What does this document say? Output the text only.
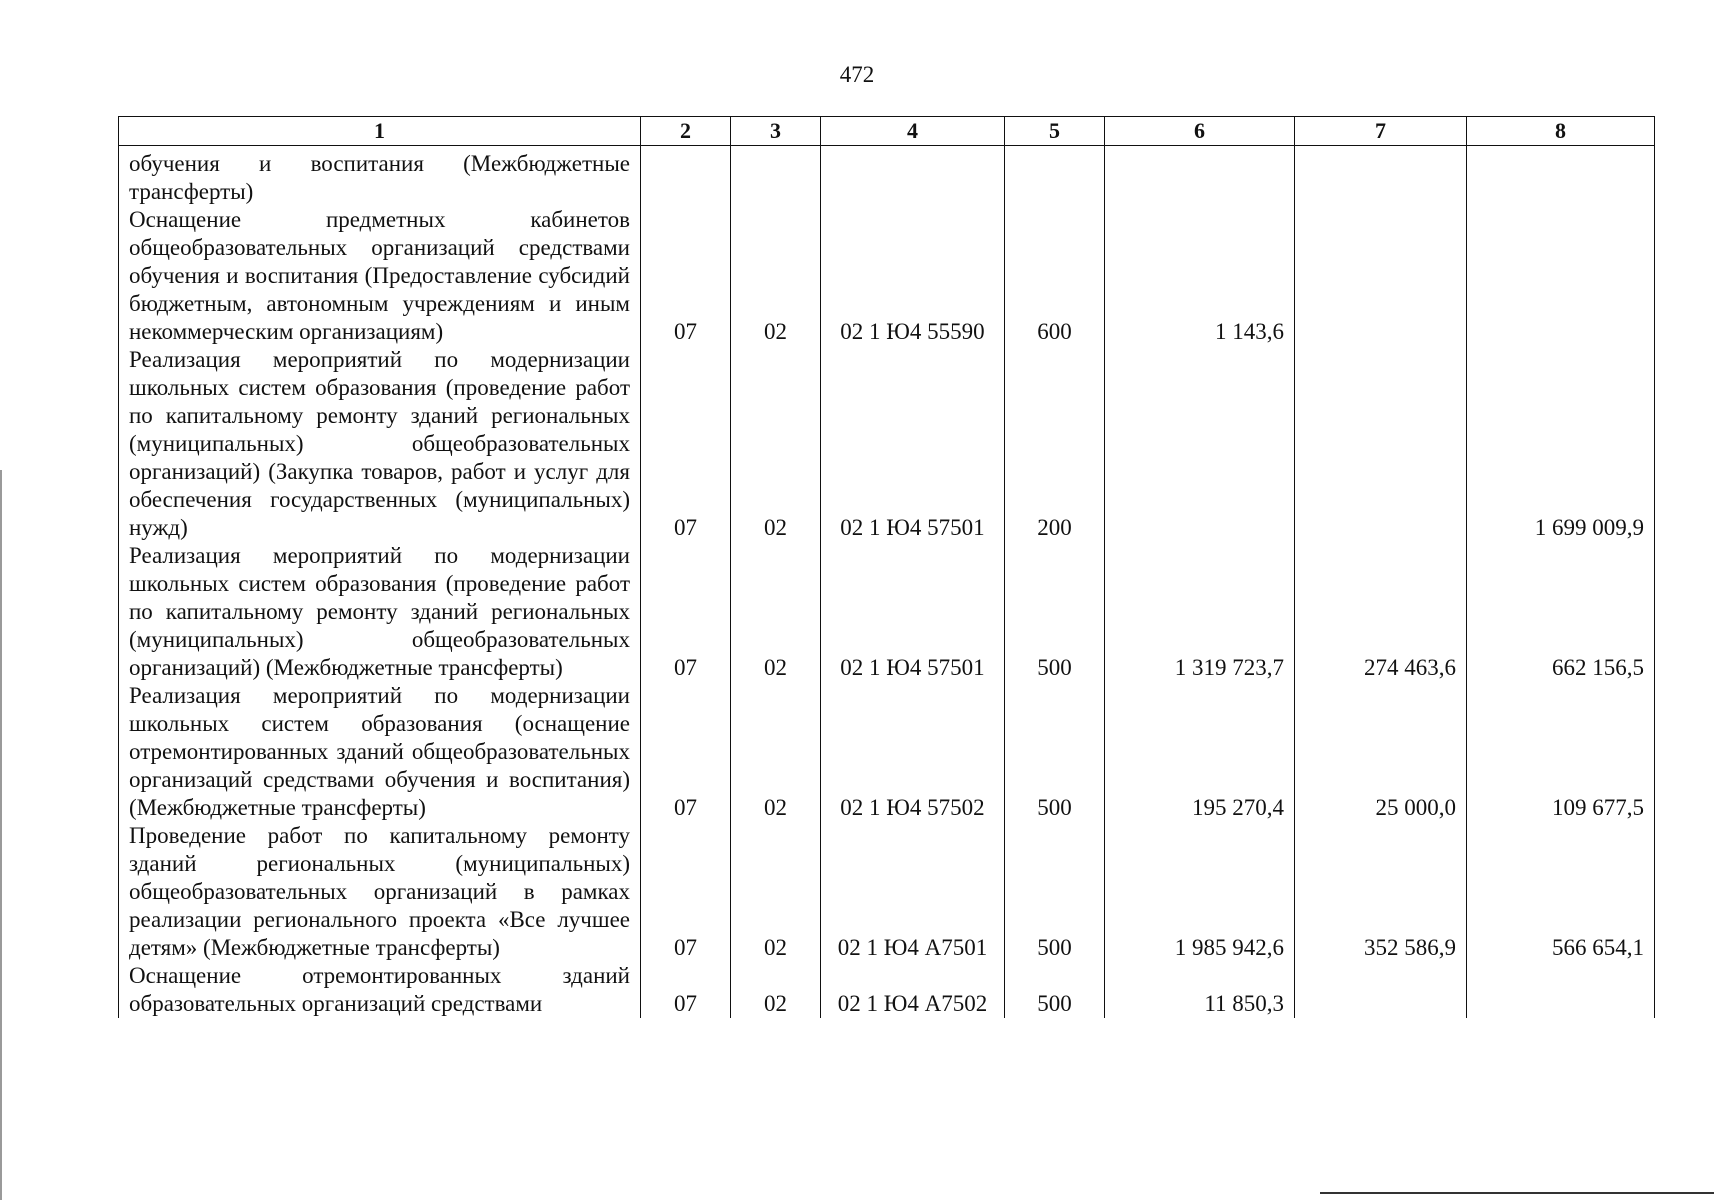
472
1	2	3	4	5	6	7	8
обучения и воспитания (Межбюджетные трансферты)							
Оснащение предметных кабинетов общеобразовательных организаций средствами обучения и воспитания (Предоставление субсидий бюджетным, автономным учреждениям и иным некоммерческим организациям)	07	02	02 1 Ю4 55590	600	1 143,6		
Реализация мероприятий по модернизации школьных систем образования (проведение работ по капитальному ремонту зданий региональных (муниципальных) общеобразовательных организаций) (Закупка товаров, работ и услуг для обеспечения государственных (муниципальных) нужд)	07	02	02 1 Ю4 57501	200			1 699 009,9
Реализация мероприятий по модернизации школьных систем образования (проведение работ по капитальному ремонту зданий региональных (муниципальных) общеобразовательных организаций) (Межбюджетные трансферты)	07	02	02 1 Ю4 57501	500	1 319 723,7	274 463,6	662 156,5
Реализация мероприятий по модернизации школьных систем образования (оснащение отремонтированных зданий общеобразовательных организаций средствами обучения и воспитания) (Межбюджетные трансферты)	07	02	02 1 Ю4 57502	500	195 270,4	25 000,0	109 677,5
Проведение работ по капитальному ремонту зданий региональных (муниципальных) общеобразовательных организаций в рамках реализации регионального проекта «Все лучшее детям» (Межбюджетные трансферты)	07	02	02 1 Ю4 А7501	500	1 985 942,6	352 586,9	566 654,1
Оснащение отремонтированных зданий образовательных организаций средствами	07	02	02 1 Ю4 А7502	500	11 850,3		
